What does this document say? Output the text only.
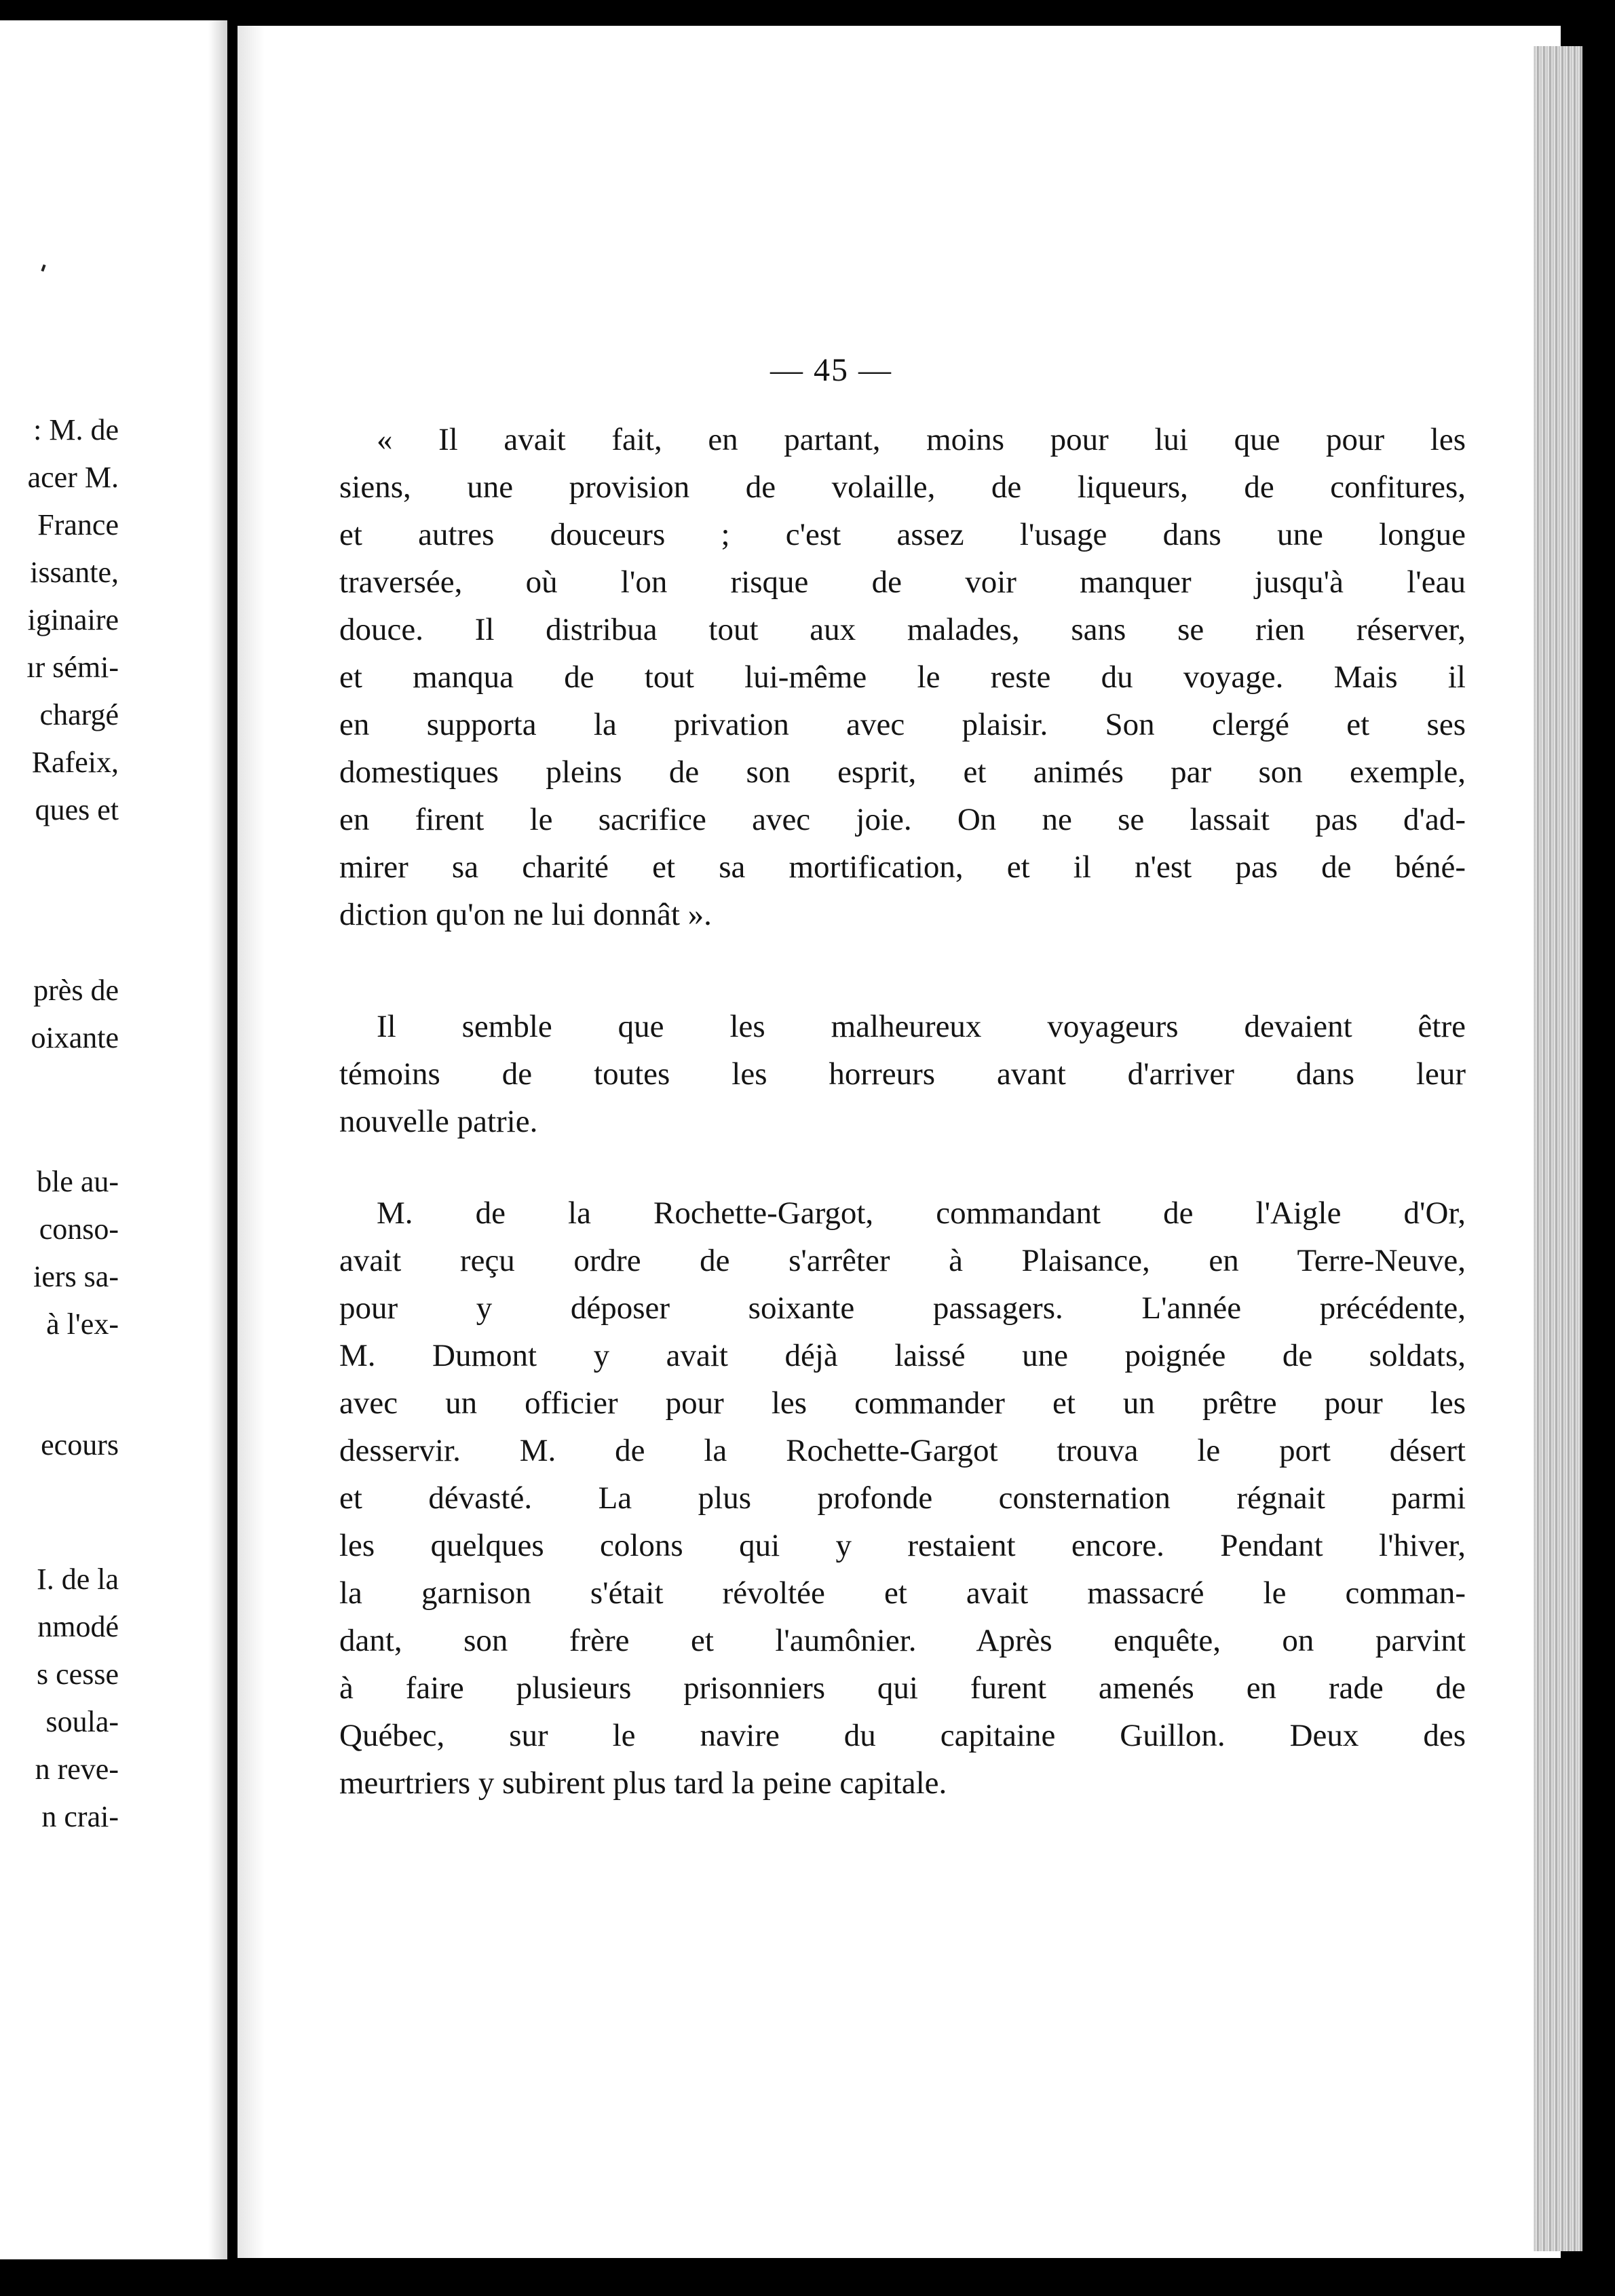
: M. de
acer M.
France
issante,
iginaire
ır sémi-
chargé
Rafeix,
ques et
près de
oixante
ble au-
conso-
iers sa-
à l'ex-
ecours
I. de la
nmodé
s cesse
soula-
n reve-
n crai-
— 45 —
« Il avait fait, en partant, moins pour lui que pour les
siens, une provision de volaille, de liqueurs, de confitures,
et autres douceurs ; c'est assez l'usage dans une longue
traversée, où l'on risque de voir manquer jusqu'à l'eau
douce. Il distribua tout aux malades, sans se rien réserver,
et manqua de tout lui-même le reste du voyage. Mais il
en supporta la privation avec plaisir. Son clergé et ses
domestiques pleins de son esprit, et animés par son exemple,
en firent le sacrifice avec joie. On ne se lassait pas d'ad-
mirer sa charité et sa mortification, et il n'est pas de béné-
diction qu'on ne lui donnât ».
Il semble que les malheureux voyageurs devaient être
témoins de toutes les horreurs avant d'arriver dans leur
nouvelle patrie.
M. de la Rochette-Gargot, commandant de l'Aigle d'Or,
avait reçu ordre de s'arrêter à Plaisance, en Terre-Neuve,
pour y déposer soixante passagers. L'année précédente,
M. Dumont y avait déjà laissé une poignée de soldats,
avec un officier pour les commander et un prêtre pour les
desservir. M. de la Rochette-Gargot trouva le port désert
et dévasté. La plus profonde consternation régnait parmi
les quelques colons qui y restaient encore. Pendant l'hiver,
la garnison s'était révoltée et avait massacré le comman-
dant, son frère et l'aumônier. Après enquête, on parvint
à faire plusieurs prisonniers qui furent amenés en rade de
Québec, sur le navire du capitaine Guillon. Deux des
meurtriers y subirent plus tard la peine capitale.
